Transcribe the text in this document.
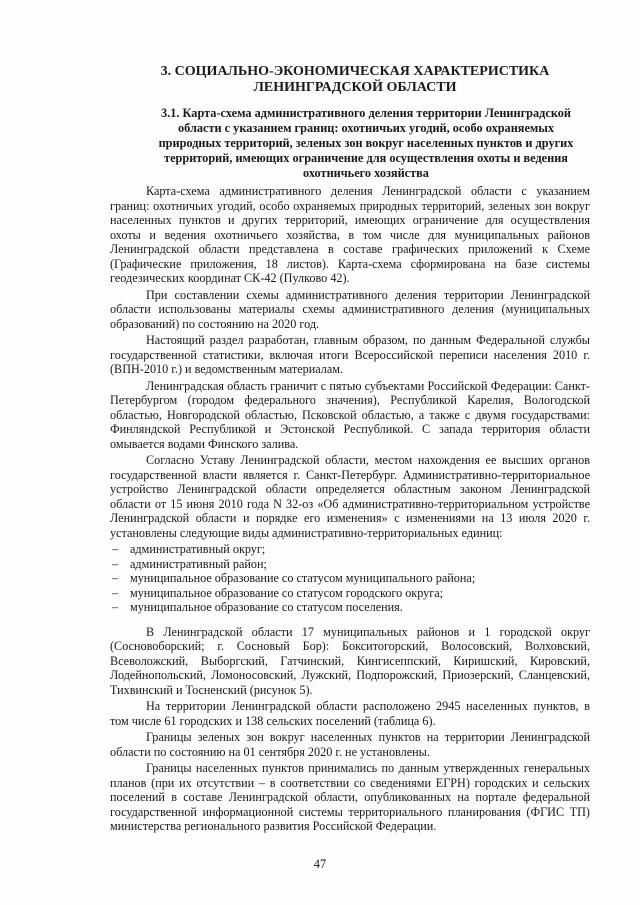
3. СОЦИАЛЬНО-ЭКОНОМИЧЕСКАЯ ХАРАКТЕРИСТИКА
ЛЕНИНГРАДСКОЙ ОБЛАСТИ
3.1. Карта-схема административного деления территории Ленинградской области с указанием границ: охотничьих угодий, особо охраняемых природных территорий, зеленых зон вокруг населенных пунктов и других территорий, имеющих ограничение для осуществления охоты и ведения охотничьего хозяйства

Карта-схема административного деления Ленинградской области с указанием границ: охотничьих угодий, особо охраняемых природных территорий, зеленых зон вокруг населенных пунктов и других территорий, имеющих ограничение для осуществления охоты и ведения охотничьего хозяйства, в том числе для муниципальных районов Ленинградской области представлена в составе графических приложений к Схеме (Графические приложения, 18 листов). Карта-схема сформирована на базе системы геодезических координат СК-42 (Пулково 42).

При составлении схемы административного деления территории Ленинградской области использованы материалы схемы административного деления (муниципальных образований) по состоянию на 2020 год.

Настоящий раздел разработан, главным образом, по данным Федеральной службы государственной статистики, включая итоги Всероссийской переписи населения 2010 г. (ВПН-2010 г.) и ведомственным материалам.

Ленинградская область граничит с пятью субъектами Российской Федерации: Санкт-Петербургом (городом федерального значения), Республикой Карелия, Вологодской областью, Новгородской областью, Псковской областью, а также с двумя государствами: Финляндской Республикой и Эстонской Республикой. С запада территория области омывается водами Финского залива.

Согласно Уставу Ленинградской области, местом нахождения ее высших органов государственной власти является г. Санкт-Петербург. Административно-территориальное устройство Ленинградской области определяется областным законом Ленинградской области от 15 июня 2010 года N 32-оз «Об административно-территориальном устройстве Ленинградской области и порядке его изменения» с изменениями на 13 июля 2020 г. установлены следующие виды административно-территориальных единиц:

– административный округ;
– административный район;
– муниципальное образование со статусом муниципального района;
– муниципальное образование со статусом городского округа;
– муниципальное образование со статусом поселения.

В Ленинградской области 17 муниципальных районов и 1 городской округ (Сосновоборский; г. Сосновый Бор): Бокситогорский, Волосовский, Волховский, Всеволожский, Выборгский, Гатчинский, Кингисеппский, Киришский, Кировский, Лодейнопольский, Ломоносовский, Лужский, Подпорожский, Приозерский, Сланцевский, Тихвинский и Тосненский (рисунок 5).

На территории Ленинградской области расположено 2945 населенных пунктов, в том числе 61 городских и 138 сельских поселений (таблица 6).

Границы зеленых зон вокруг населенных пунктов на территории Ленинградской области по состоянию на 01 сентября 2020 г. не установлены.

Границы населенных пунктов принимались по данным утвержденных генеральных планов (при их отсутствии – в соответствии со сведениями ЕГРН) городских и сельских поселений в составе Ленинградской области, опубликованных на портале федеральной государственной информационной системы территориального планирования (ФГИС ТП) министерства регионального развития Российской Федерации.

47
